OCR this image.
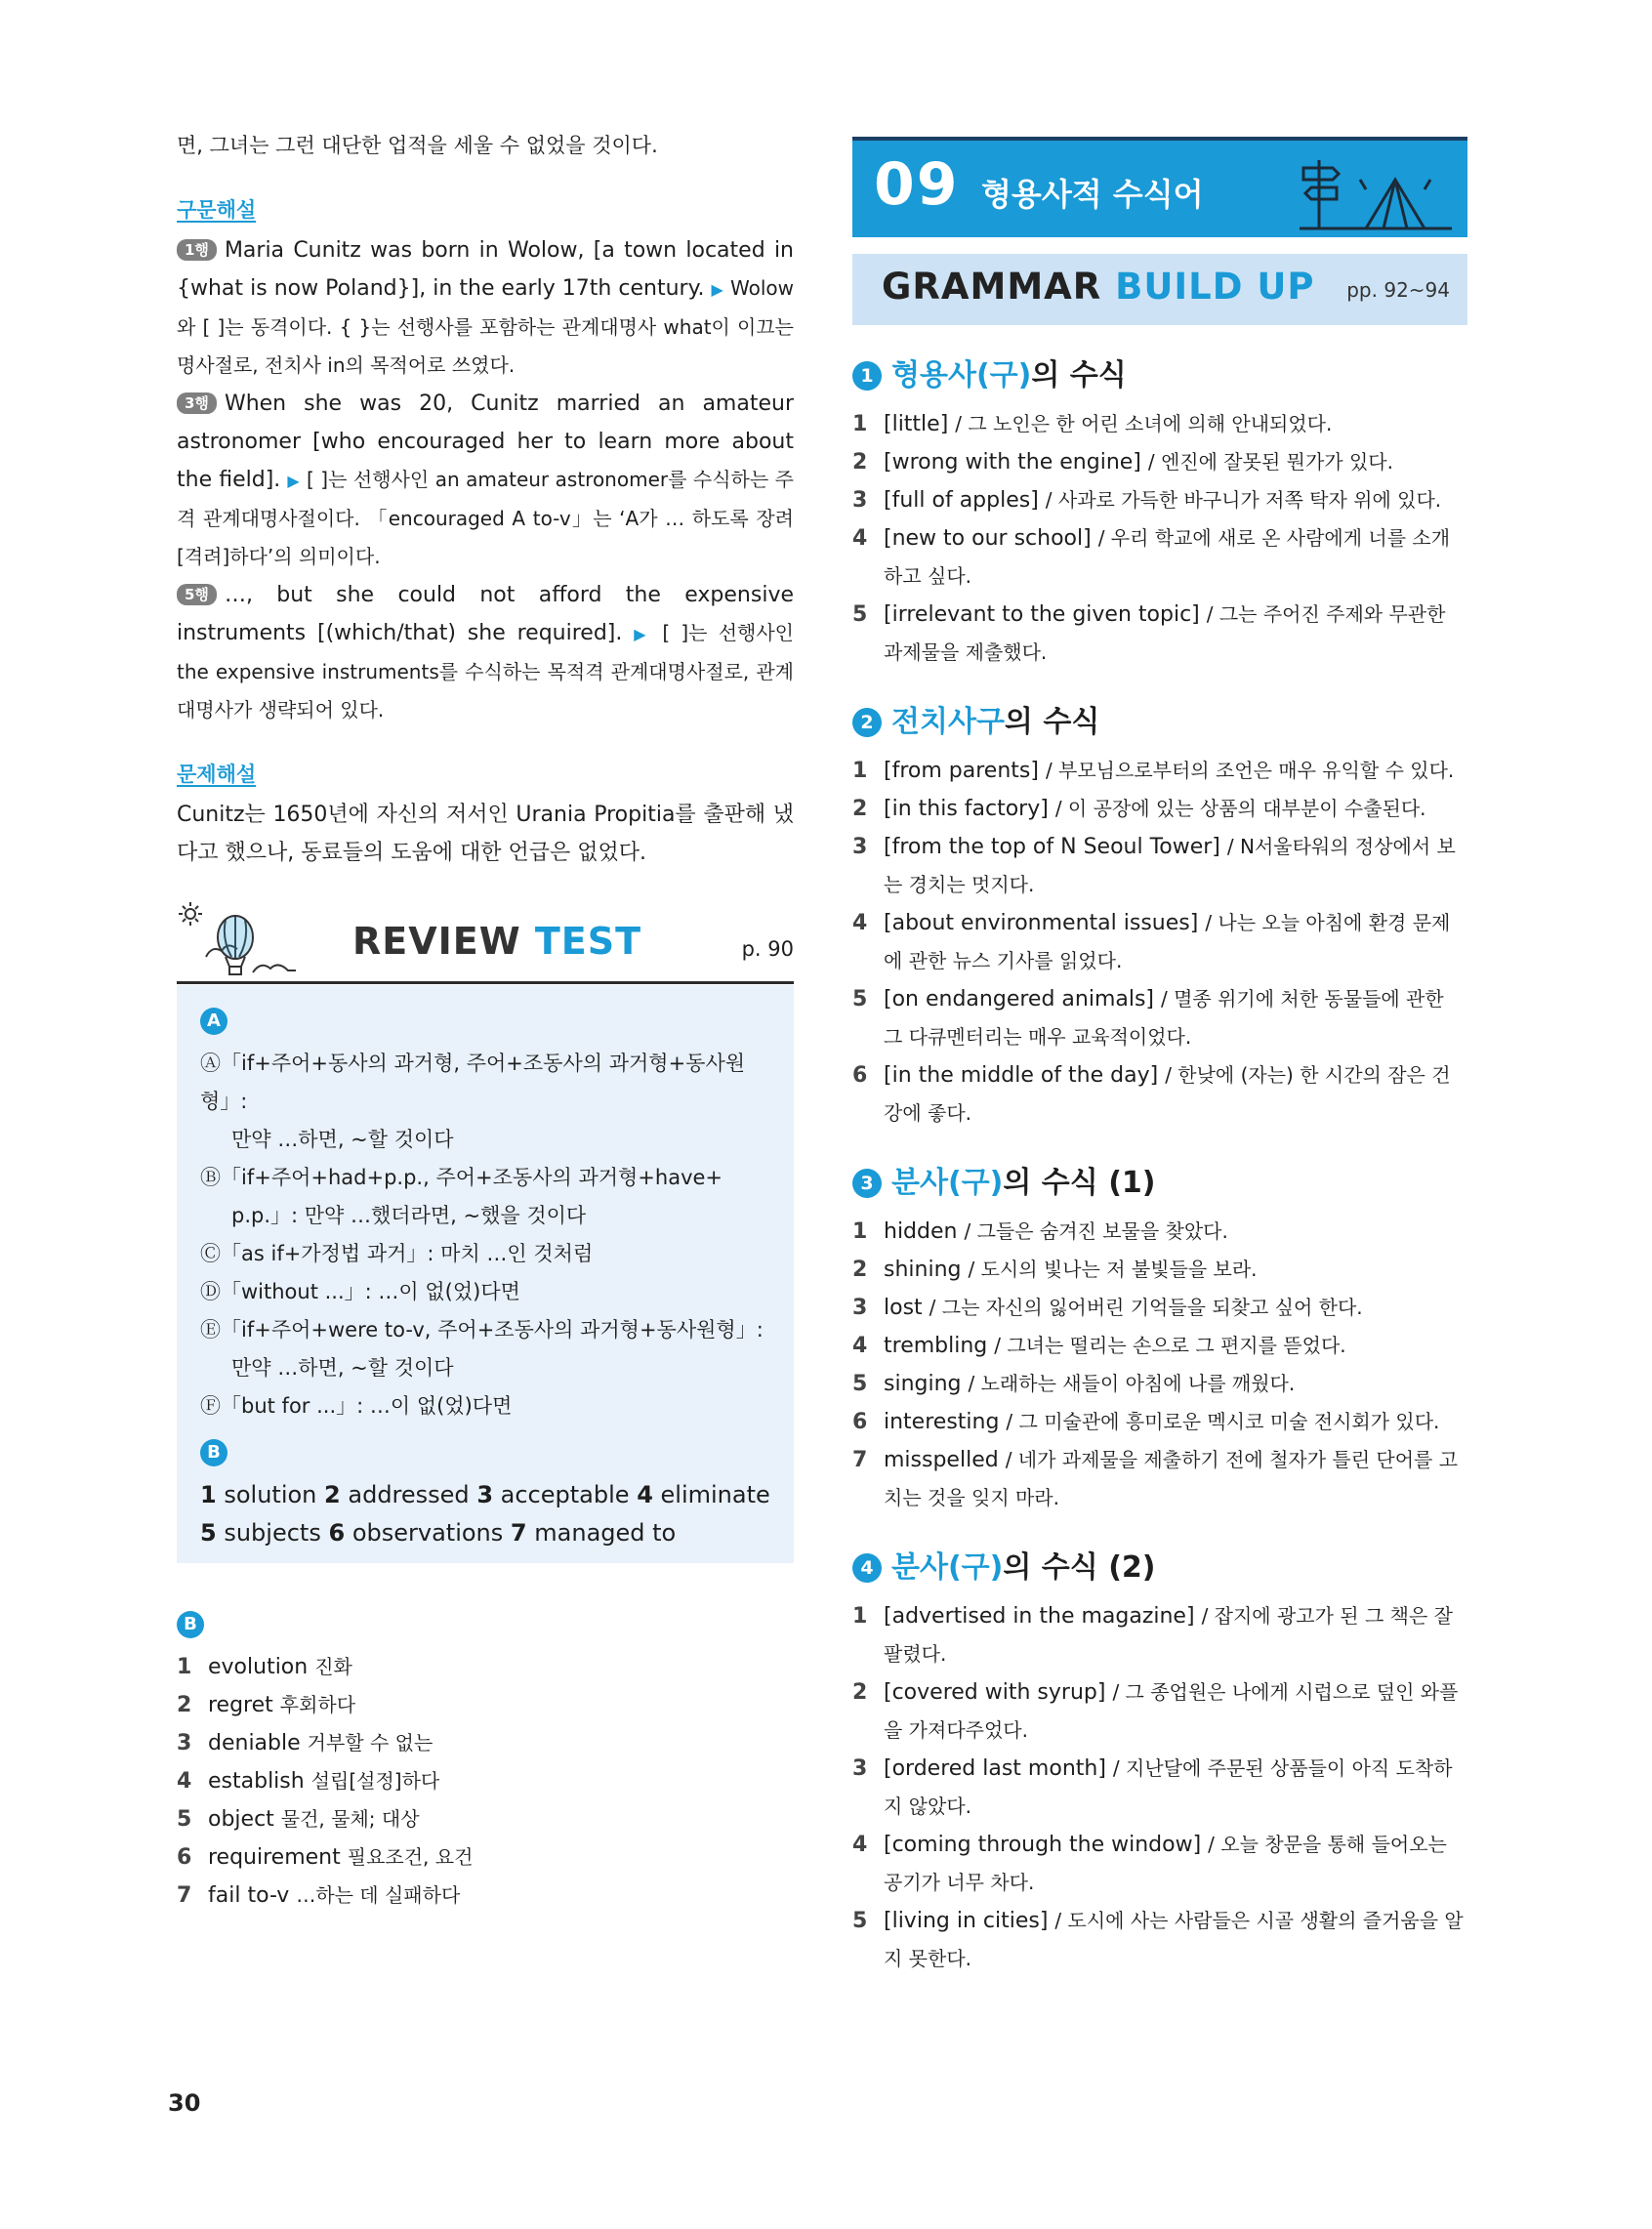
면, 그녀는 그런 대단한 업적을 세울 수 없었을 것이다.

구문해설

1행 Maria Cunitz was born in Wolow, [a town located in {what is now Poland}], in the early 17th century. ▶ Wolow와 [ ]는 동격이다. { }는 선행사를 포함하는 관계대명사 what이 이끄는 명사절로, 전치사 in의 목적어로 쓰였다.

3행 When she was 20, Cunitz married an amateur astronomer [who encouraged her to learn more about the field]. ▶ [ ]는 선행사인 an amateur astronomer를 수식하는 주격 관계대명사절이다. 「encouraged A to-v」는 ‘A가 … 하도록 장려[격려]하다’의 의미이다.

5행 …, but she could not afford the expensive instruments [(which/that) she required]. ▶ [ ]는 선행사인 the expensive instruments를 수식하는 목적격 관계대명사절로, 관계대명사가 생략되어 있다.

문제해설

Cunitz는 1650년에 자신의 저서인 Urania Propitia를 출판해 냈다고 했으나, 동료들의 도움에 대한 언급은 없었다.

REVIEW TEST	p. 90
A

Ⓐ「if+주어+동사의 과거형, 주어+조동사의 과거형+동사원형」:

만약 …하면, ~할 것이다

Ⓑ「if+주어+had+p.p., 주어+조동사의 과거형+have+

p.p.」: 만약 …했더라면, ~했을 것이다

Ⓒ「as if+가정법 과거」: 마치 …인 것처럼

Ⓓ「without ...」: …이 없(었)다면

Ⓔ「if+주어+were to-v, 주어+조동사의 과거형+동사원형」:

만약 …하면, ~할 것이다

Ⓕ「but for ...」: …이 없(었)다면

B

1 solution 2 addressed 3 acceptable 4 eliminate

5 subjects 6 observations 7 managed to

B

1 evolution 진화

2 regret 후회하다

3 deniable 거부할 수 없는

4 establish 설립[설정]하다

5 object 물건, 물체; 대상

6 requirement 필요조건, 요건

7 fail to-v …하는 데 실패하다

09 형용사적 수식어
GRAMMAR BUILD UP pp. 92~94
1 형용사(구) 의 수식

1 [little] / 그 노인은 한 어린 소녀에 의해 안내되었다.

2 [wrong with the engine] / 엔진에 잘못된 뭔가가 있다.

3 [full of apples] / 사과로 가득한 바구니가 저쪽 탁자 위에 있다.

4 [new to our school] / 우리 학교에 새로 온 사람에게 너를 소개하고 싶다.

5 [irrelevant to the given topic] / 그는 주어진 주제와 무관한 과제물을 제출했다.

2 전치사구 의 수식

1 [from parents] / 부모님으로부터의 조언은 매우 유익할 수 있다.

2 [in this factory] / 이 공장에 있는 상품의 대부분이 수출된다.

3 [from the top of N Seoul Tower] / N서울타워의 정상에서 보는 경치는 멋지다.

4 [about environmental issues] / 나는 오늘 아침에 환경 문제에 관한 뉴스 기사를 읽었다.

5 [on endangered animals] / 멸종 위기에 처한 동물들에 관한 그 다큐멘터리는 매우 교육적이었다.

6 [in the middle of the day] / 한낮에 (자는) 한 시간의 잠은 건강에 좋다.

3 분사(구) 의 수식 (1)

1 hidden / 그들은 숨겨진 보물을 찾았다.

2 shining / 도시의 빛나는 저 불빛들을 보라.

3 lost / 그는 자신의 잃어버린 기억들을 되찾고 싶어 한다.

4 trembling / 그녀는 떨리는 손으로 그 편지를 뜯었다.

5 singing / 노래하는 새들이 아침에 나를 깨웠다.

6 interesting / 그 미술관에 흥미로운 멕시코 미술 전시회가 있다.

7 misspelled / 네가 과제물을 제출하기 전에 철자가 틀린 단어를 고치는 것을 잊지 마라.

4 분사(구) 의 수식 (2)

1 [advertised in the magazine] / 잡지에 광고가 된 그 책은 잘 팔렸다.

2 [covered with syrup] / 그 종업원은 나에게 시럽으로 덮인 와플을 가져다주었다.

3 [ordered last month] / 지난달에 주문된 상품들이 아직 도착하지 않았다.

4 [coming through the window] / 오늘 창문을 통해 들어오는 공기가 너무 차다.

5 [living in cities] / 도시에 사는 사람들은 시골 생활의 즐거움을 알지 못한다.

30
